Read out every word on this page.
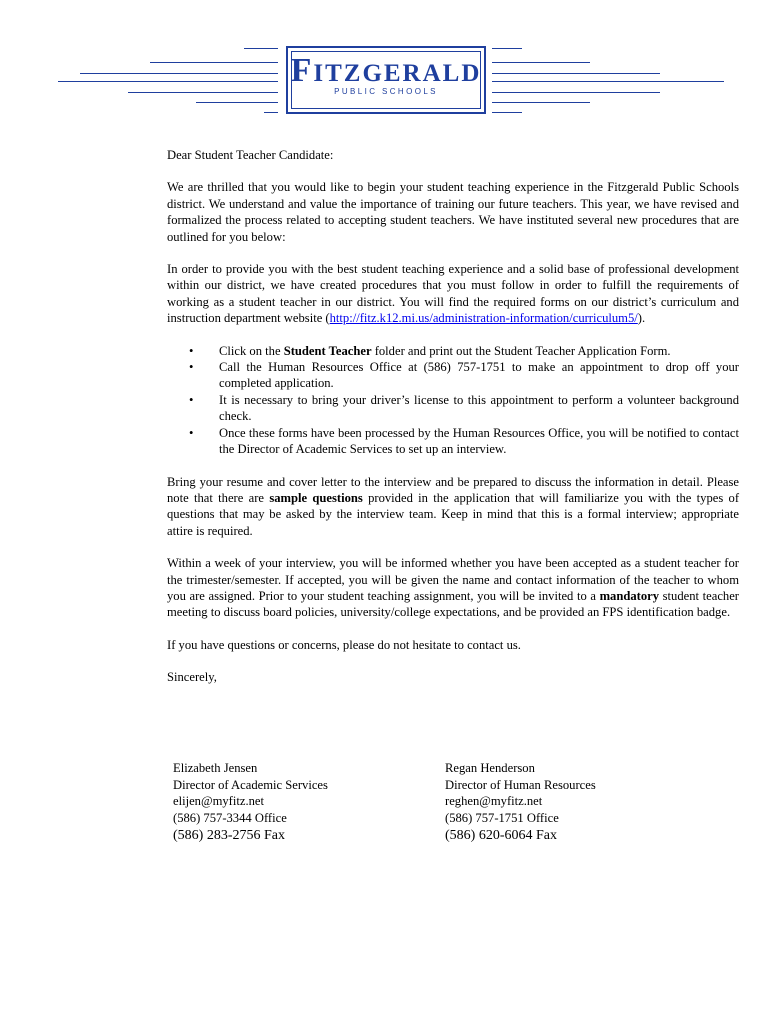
FITZGERALD
PUBLIC SCHOOLS

Dear Student Teacher Candidate:

We are thrilled that you would like to begin your student teaching experience in the Fitzgerald Public Schools district. We understand and value the importance of training our future teachers. This year, we have revised and formalized the process related to accepting student teachers. We have instituted several new procedures that are outlined for you below:

In order to provide you with the best student teaching experience and a solid base of professional development within our district, we have created procedures that you must follow in order to fulfill the requirements of working as a student teacher in our district. You will find the required forms on our district’s curriculum and instruction department website (http://fitz.k12.mi.us/administration-information/curriculum5/).

• Click on the Student Teacher folder and print out the Student Teacher Application Form.
• Call the Human Resources Office at (586) 757-1751 to make an appointment to drop off your completed application.
• It is necessary to bring your driver’s license to this appointment to perform a volunteer background check.
• Once these forms have been processed by the Human Resources Office, you will be notified to contact the Director of Academic Services to set up an interview.

Bring your resume and cover letter to the interview and be prepared to discuss the information in detail. Please note that there are sample questions provided in the application that will familiarize you with the types of questions that may be asked by the interview team. Keep in mind that this is a formal interview; appropriate attire is required.

Within a week of your interview, you will be informed whether you have been accepted as a student teacher for the trimester/semester. If accepted, you will be given the name and contact information of the teacher to whom you are assigned. Prior to your student teaching assignment, you will be invited to a mandatory student teacher meeting to discuss board policies, university/college expectations, and be provided an FPS identification badge.

If you have questions or concerns, please do not hesitate to contact us.

Sincerely,

Elizabeth Jensen
Director of Academic Services
elijen@myfitz.net
(586) 757-3344 Office
(586) 283-2756 Fax
Regan Henderson
Director of Human Resources
reghen@myfitz.net
(586) 757-1751 Office
(586) 620-6064 Fax
